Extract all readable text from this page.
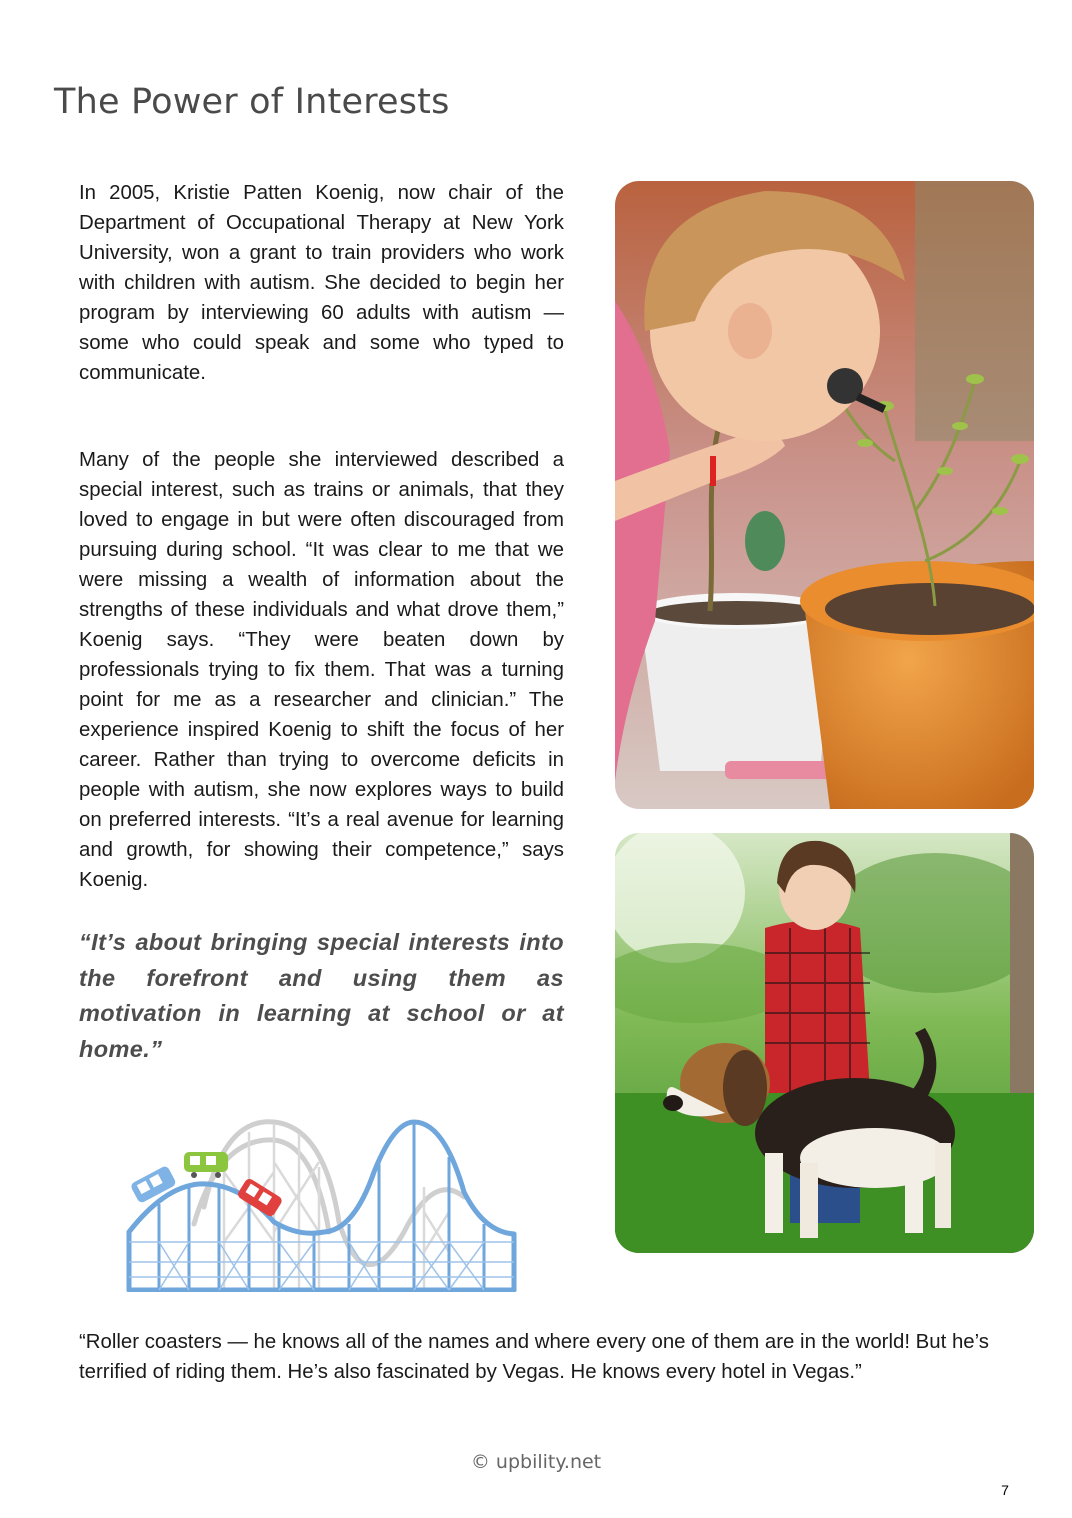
The Power of Interests

In 2005, Kristie Patten Koenig, now chair of the Department of Occupational Therapy at New York University, won a grant to train providers who work with children with autism. She decided to begin her program by interviewing 60 adults with autism — some who could speak and some who typed to communicate.

Many of the people she interviewed described a special interest, such as trains or animals, that they loved to engage in but were often discouraged from pursuing during school. “It was clear to me that we were missing a wealth of information about the strengths of these individuals and what drove them,” Koenig says. “They were beaten down by professionals trying to fix them. That was a turning point for me as a researcher and clinician.” The experience inspired Koenig to shift the focus of her career. Rather than trying to overcome deficits in people with autism, she now explores ways to build on preferred interests. “It’s a real avenue for learning and growth, for showing their competence,” says Koenig.

“It’s about bringing special interests into the forefront and using them as motivation in learning at school or at home.”

“Roller coasters — he knows all of the names and where every one of them are in the world! But he’s terrified of riding them. He’s also fascinated by Vegas. He knows every hotel in Vegas.”

© upbility.net
7
